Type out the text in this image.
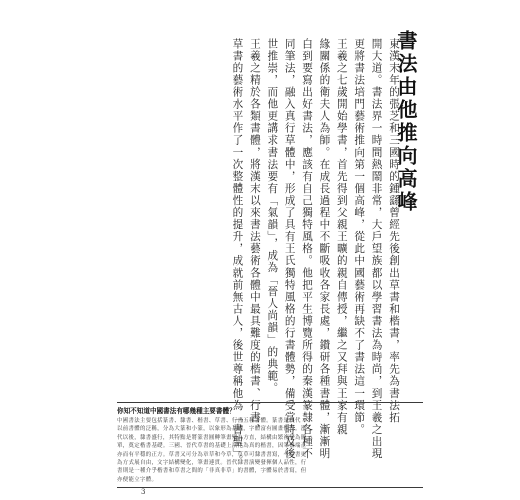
書法由他推向高峰
東漢末年的張芝和三國時的鍾繇曾經先後創出草書和楷書，率先為書法拓
開大道。書法界一時間熱鬧非常，大戶望族都以學習書法為時尚，到王羲之出現
更將書法培門藝術推向第一個高峰，從此中國藝術再缺不了書法這一環節。
王羲之七歲開始學書，首先得到父親王曠的親自傳授，繼之又拜與王家有親
緣關係的衛夫人為師。在成長過程中不斷吸收各家長處，鑽研各種書體，漸漸明
白到要寫出好書法，應該有自己獨特風格。他把平生博覽所得的秦漢篆隸各種不
同筆法，融入真行草體中，形成了具有王氏獨特風格的行書體勢，備受當時及後
世推崇，而他更講求書法要有「氣韻」，成為「晉人尚韻」的典範。
王羲之精於各類書體，將漢末以來書法藝術各體中最具難度的楷書、行書、
草書的藝術水平作了一次整體性的提升，成就前無古人，後世尊稱他為「書聖」。
你知不知道中國書法有哪幾種主要書體？
中國書法主要包括篆書、隸書、楷書、草書、行書五種書體。篆書是漢代
以前書體的泛稱，分為大篆和小篆，以象形為基礎，字體富有圖畫性質。漢
代以後，隸書盛行，其特點是將篆書圓轉筆畫變為方直，結構由繁複變為簡
單，奠定楷書基礎。三國、晉代草書的基礎上演化為真的楷書，因筆畫端正
亦而有平穩的正方。草書又可分為章草和今草，草草可隸書書寫，今草書更
為方式展自由，文字結構變化，筆畫連貫。晉代隸書演變發揮個人品性，行
書則是一種介乎楷書和草書之間的「非真非草」的書體，字體易於書寫，但
亦便能立字體。
3
